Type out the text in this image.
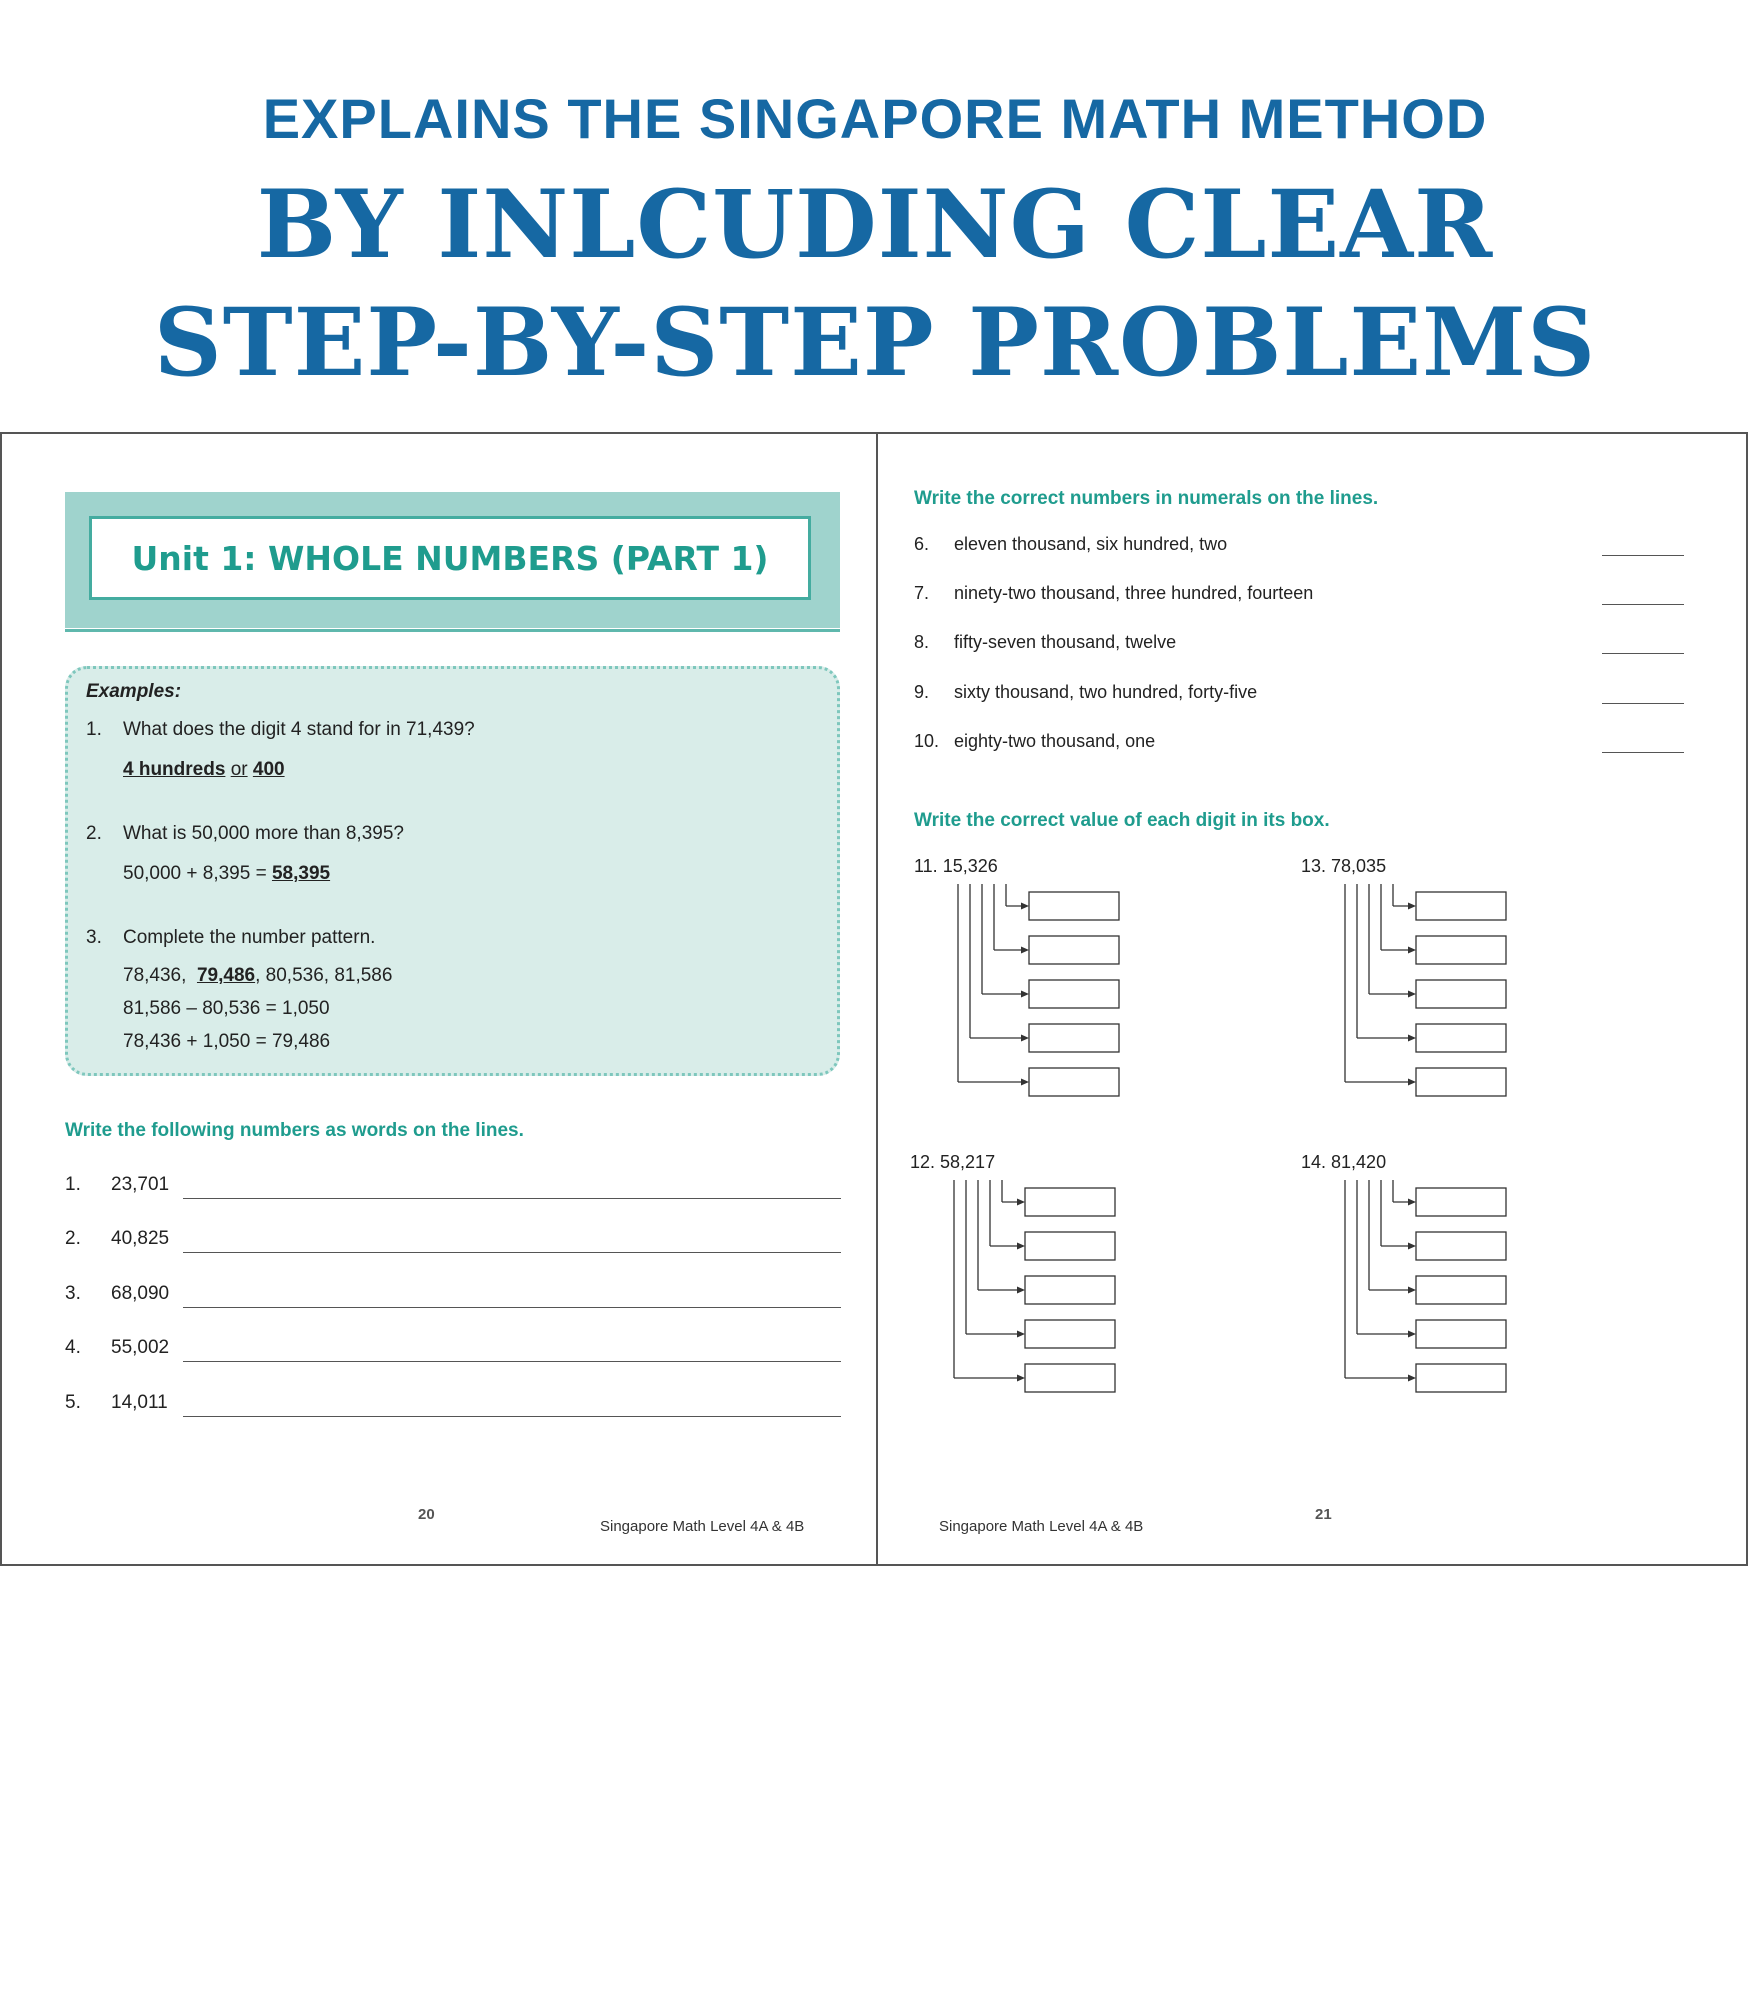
EXPLAINS THE SINGAPORE MATH METHOD
BY INLCUDING CLEAR
STEP-BY-STEP PROBLEMS
Unit 1: WHOLE NUMBERS (PART 1)
Examples:
1. What does the digit 4 stand for in 71,439?
4 hundreds or 400
2. What is 50,000 more than 8,395?
50,000 + 8,395 = 58,395
3. Complete the number pattern.
78,436, 79,486, 80,536, 81,586
81,586 – 80,536 = 1,050
78,436 + 1,050 = 79,486
Write the following numbers as words on the lines.
1. 23,701
2. 40,825
3. 68,090
4. 55,002
5. 14,011
20
Singapore Math Level 4A & 4B
Write the correct numbers in numerals on the lines.
6. eleven thousand, six hundred, two
7. ninety-two thousand, three hundred, fourteen
8. fifty-seven thousand, twelve
9. sixty thousand, two hundred, forty-five
10. eighty-two thousand, one
Write the correct value of each digit in its box.
11. 15,326	13. 78,035
12. 58,217	14. 81,420
21
Singapore Math Level 4A & 4B
